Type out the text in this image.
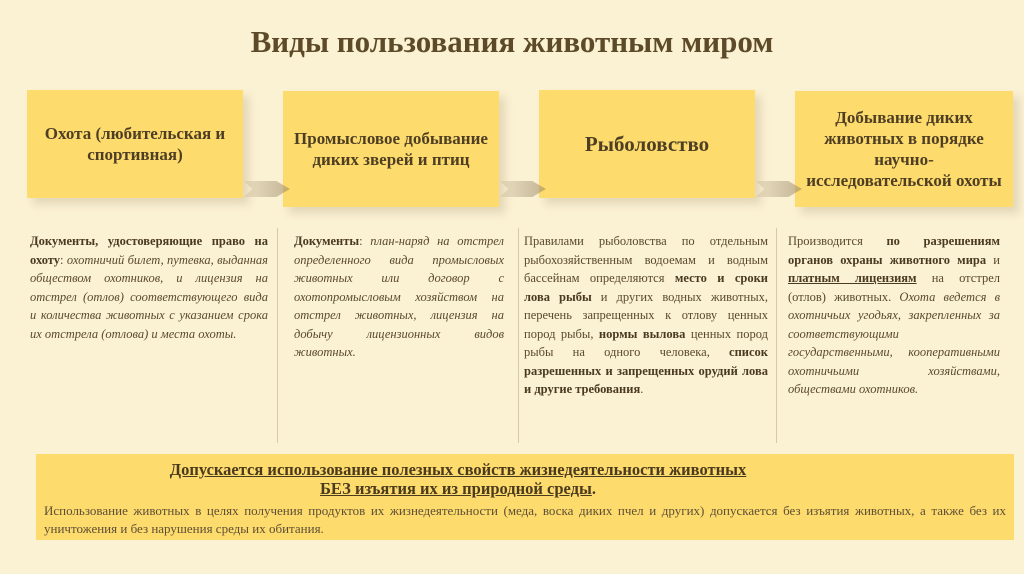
Виды пользования животным миром
Охота (любительская и спортивная)
Промысловое добывание диких зверей и птиц
Рыболовство
Добывание диких животных в порядке научно-исследовательской охоты
Документы, удостоверяющие право на охоту: охотничий билет, путевка, выданная обществом охотников, и лицензия на отстрел (отлов) соответствующего вида и количества животных с указанием срока их отстрела (отлова) и места охоты.
Документы: план-наряд на отстрел определенного вида промысловых животных или договор с охотопромысловым хозяйством на отстрел животных, лицензия на добычу лицензионных видов животных.
Правилами рыболовства по отдельным рыбохозяйственным водоемам и водным бассейнам определяются место и сроки лова рыбы и других водных животных, перечень запрещенных к отлову ценных пород рыбы, нормы вылова ценных пород рыбы на одного человека, список разрешенных и запрещенных орудий лова и другие требования.
Производится по разрешениям органов охраны животного мира и платным лицензиям на отстрел (отлов) животных. Охота ведется в охотничьих угодьях, закрепленных за соответствующими государственными, кооперативными охотничьими хозяйствами, обществами охотников.
Допускается использование полезных свойств жизнедеятельности животных
БЕЗ изъятия их из природной среды.
Использование животных в целях получения продуктов их жизнедеятельности (меда, воска диких пчел и других) допускается без изъятия животных, а также без их уничтожения и без нарушения среды их обитания.
